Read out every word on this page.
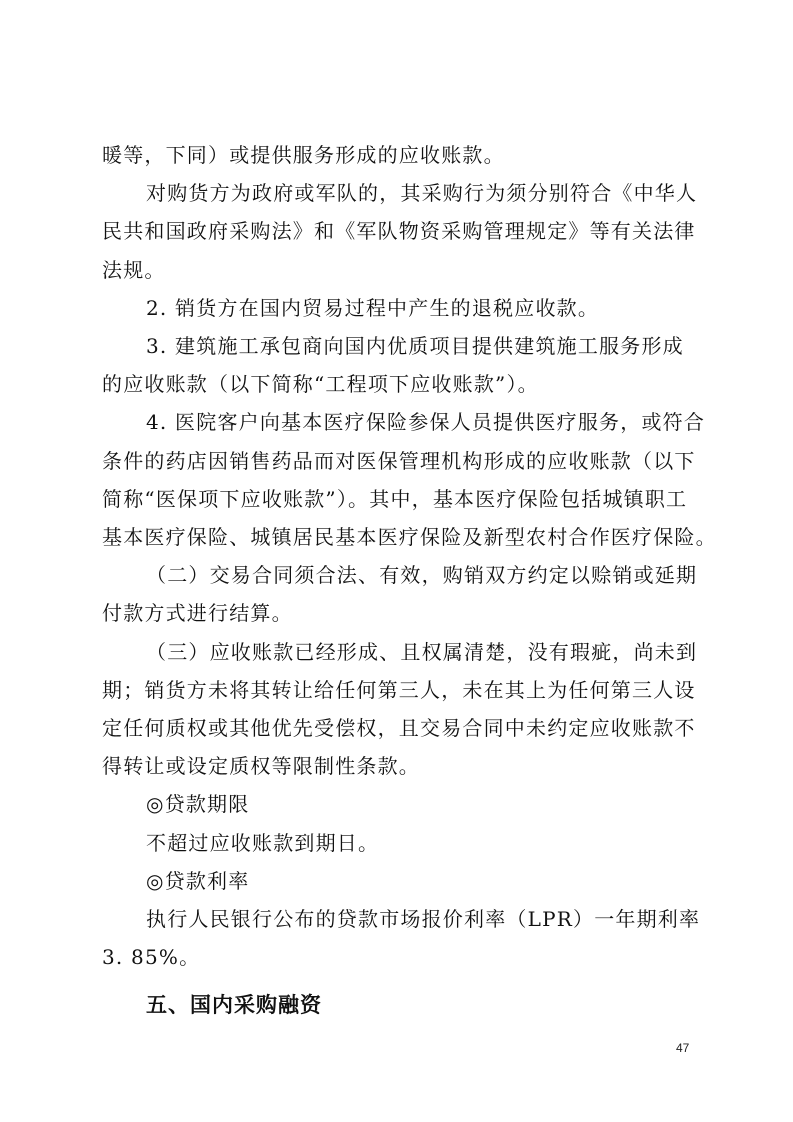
暖等，下同）或提供服务形成的应收账款。
对购货方为政府或军队的，其采购行为须分别符合《中华人
民共和国政府采购法》和《军队物资采购管理规定》等有关法律
法规。
2. 销货方在国内贸易过程中产生的退税应收款。
3. 建筑施工承包商向国内优质项目提供建筑施工服务形成
的应收账款（以下简称“工程项下应收账款”）。
4. 医院客户向基本医疗保险参保人员提供医疗服务，或符合
条件的药店因销售药品而对医保管理机构形成的应收账款（以下
简称“医保项下应收账款”）。其中，基本医疗保险包括城镇职工
基本医疗保险、城镇居民基本医疗保险及新型农村合作医疗保险。
（二）交易合同须合法、有效，购销双方约定以赊销或延期
付款方式进行结算。
（三）应收账款已经形成、且权属清楚，没有瑕疵，尚未到
期；销货方未将其转让给任何第三人，未在其上为任何第三人设
定任何质权或其他优先受偿权，且交易合同中未约定应收账款不
得转让或设定质权等限制性条款。
◎贷款期限
不超过应收账款到期日。
◎贷款利率
执行人民银行公布的贷款市场报价利率（LPR）一年期利率
3. 85%。
五、国内采购融资
47
